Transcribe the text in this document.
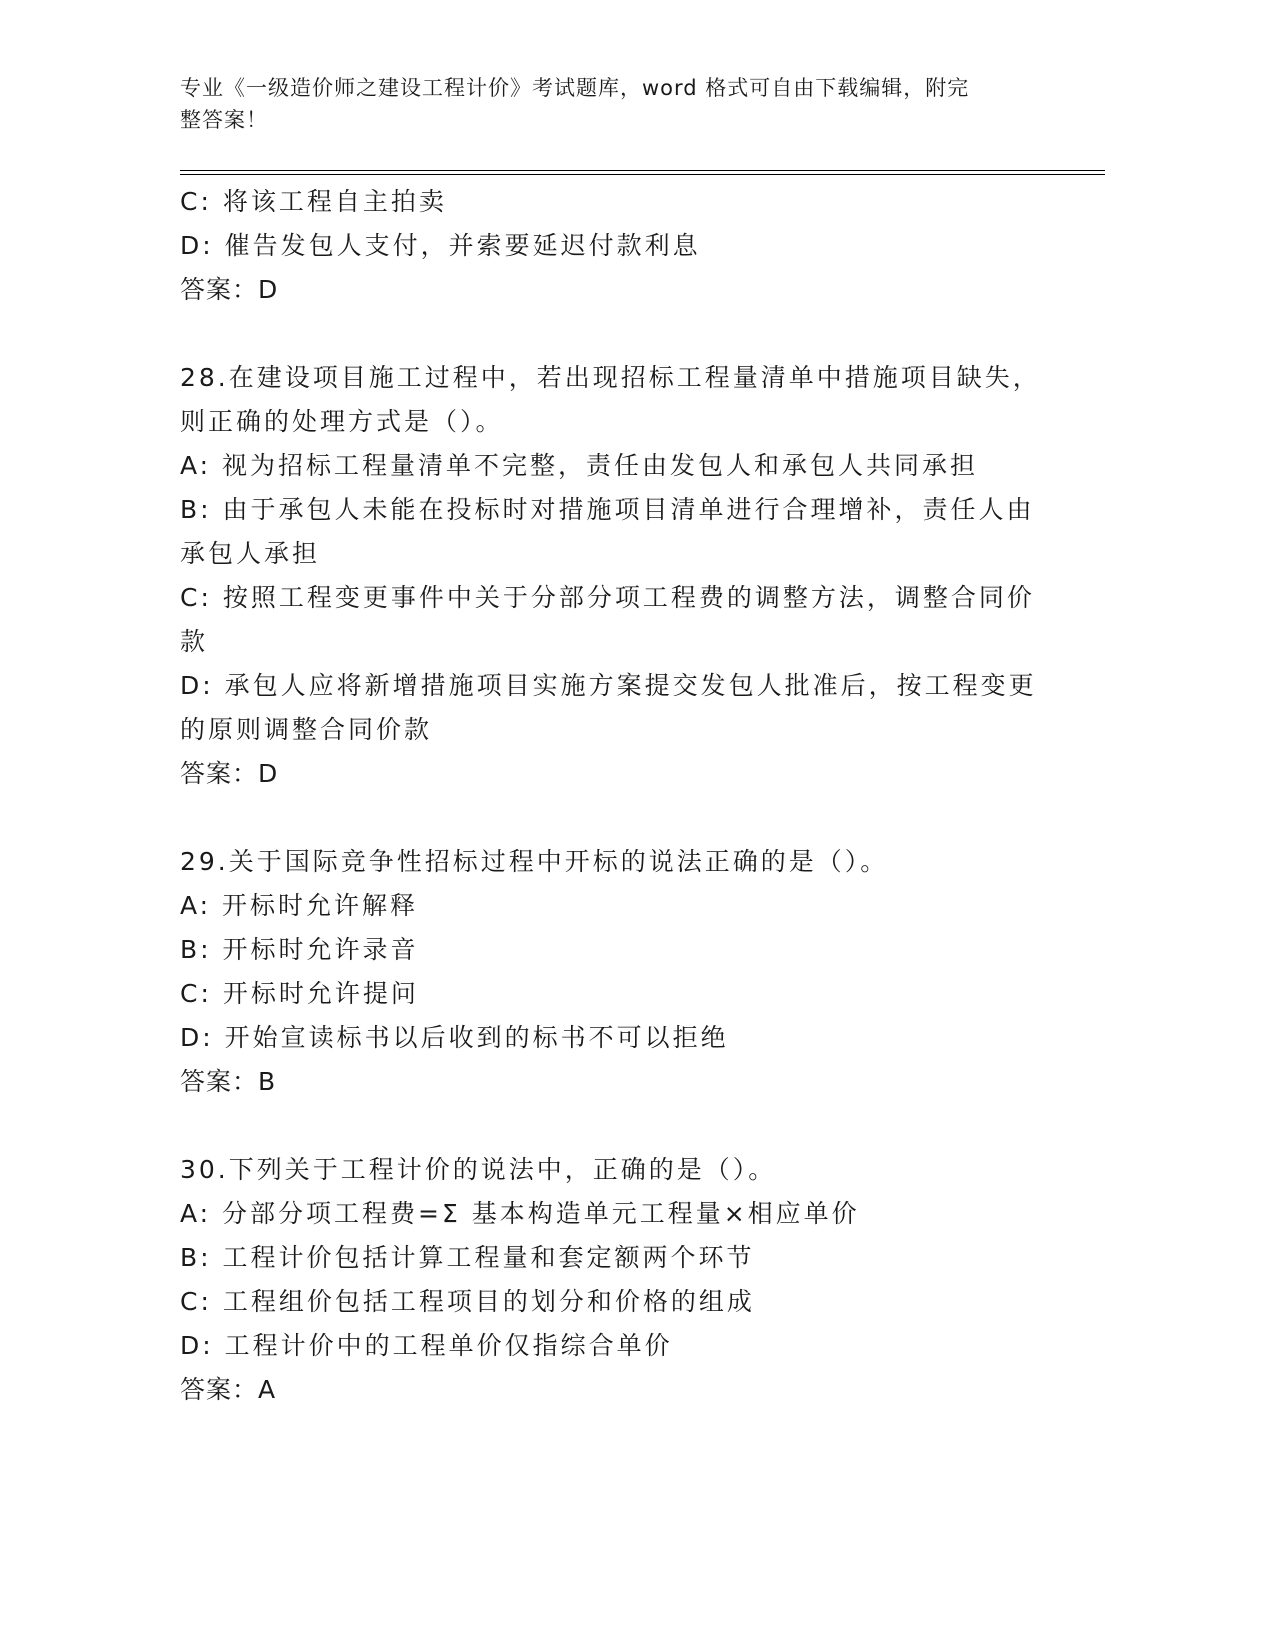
专业《一级造价师之建设工程计价》考试题库，word 格式可自由下载编辑，附完
整答案！
C: 将该工程自主拍卖
D: 催告发包人支付，并索要延迟付款利息
答案：D
28.在建设项目施工过程中，若出现招标工程量清单中措施项目缺失，
则正确的处理方式是（）。
A: 视为招标工程量清单不完整，责任由发包人和承包人共同承担
B: 由于承包人未能在投标时对措施项目清单进行合理增补，责任人由
承包人承担
C: 按照工程变更事件中关于分部分项工程费的调整方法，调整合同价
款
D: 承包人应将新增措施项目实施方案提交发包人批准后，按工程变更
的原则调整合同价款
答案：D
29.关于国际竞争性招标过程中开标的说法正确的是（）。
A: 开标时允许解释
B: 开标时允许录音
C: 开标时允许提问
D: 开始宣读标书以后收到的标书不可以拒绝
答案：B
30.下列关于工程计价的说法中，正确的是（）。
A: 分部分项工程费=Σ 基本构造单元工程量×相应单价
B: 工程计价包括计算工程量和套定额两个环节
C: 工程组价包括工程项目的划分和价格的组成
D: 工程计价中的工程单价仅指综合单价
答案：A
